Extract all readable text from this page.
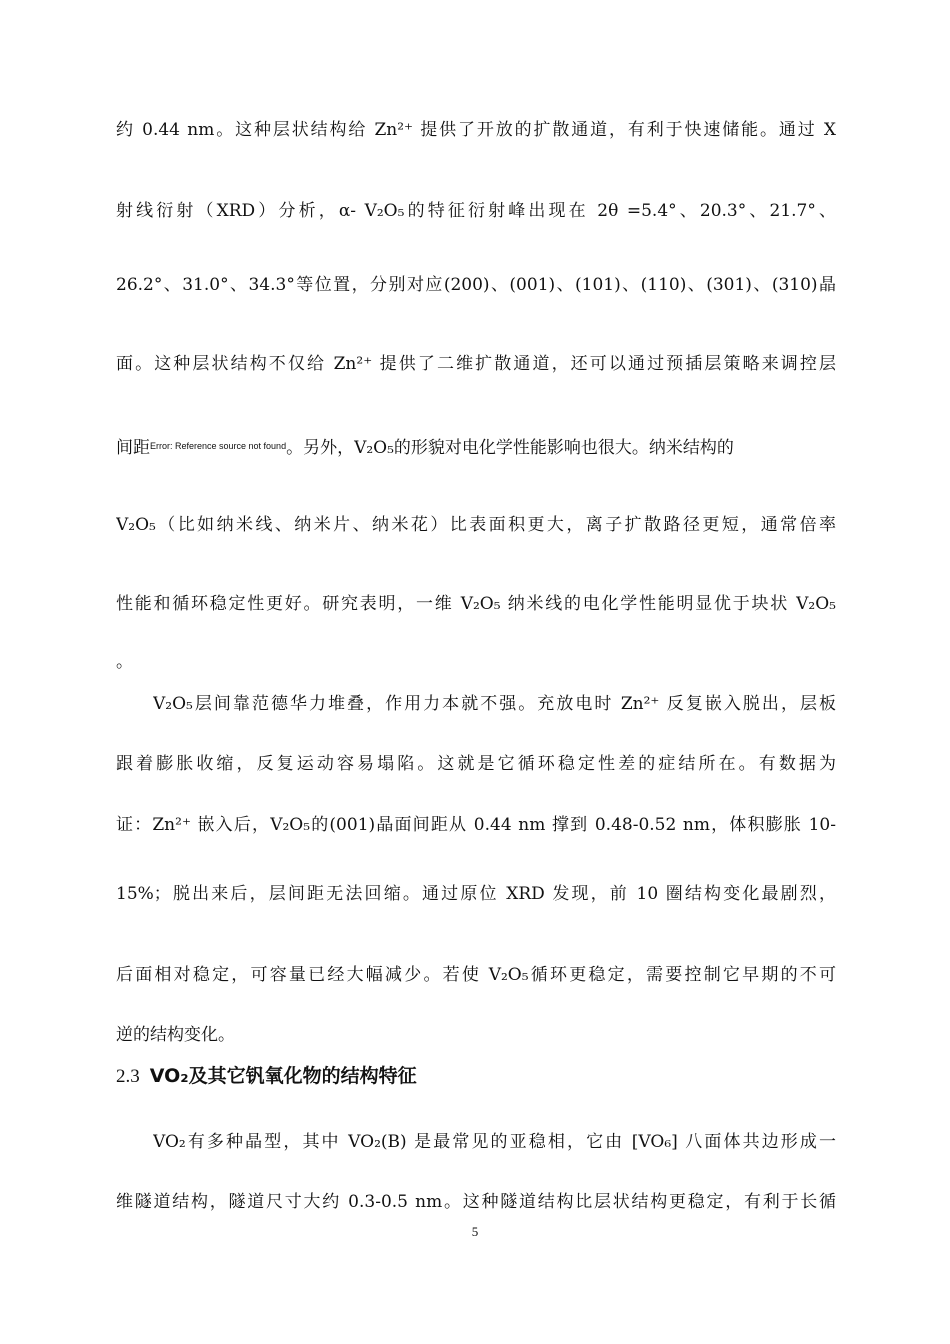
约 0.44 nm。这种层状结构给 Zn²⁺ 提供了开放的扩散通道，有利于快速储能。通过 X
射线衍射（XRD）分析，α- V₂O₅的特征衍射峰出现在 2θ =5.4°、20.3°、21.7°、
26.2°、31.0°、34.3°等位置，分别对应(200)、(001)、(101)、(110)、(301)、(310)晶
面。这种层状结构不仅给 Zn²⁺ 提供了二维扩散通道，还可以通过预插层策略来调控层
间距$^{Error: Reference source not found}$。另外，V₂O₅的形貌对电化学性能影响也很大。纳米结构的
V₂O₅（比如纳米线、纳米片、纳米花）比表面积更大，离子扩散路径更短，通常倍率
性能和循环稳定性更好。研究表明，一维 V₂O₅ 纳米线的电化学性能明显优于块状 V₂O₅
。
V₂O₅层间靠范德华力堆叠，作用力本就不强。充放电时 Zn²⁺ 反复嵌入脱出，层板
跟着膨胀收缩，反复运动容易塌陷。这就是它循环稳定性差的症结所在。有数据为
证：Zn²⁺ 嵌入后，V₂O₅的(001)晶面间距从 0.44 nm 撑到 0.48-0.52 nm，体积膨胀 10-
15%；脱出来后，层间距无法回缩。通过原位 XRD 发现，前 10 圈结构变化最剧烈，
后面相对稳定，可容量已经大幅减少。若使 V₂O₅循环更稳定，需要控制它早期的不可
逆的结构变化。
2.3 VO₂及其它钒氧化物的结构特征
VO₂有多种晶型，其中 VO₂(B) 是最常见的亚稳相，它由 [VO₆] 八面体共边形成一
维隧道结构，隧道尺寸大约 0.3-0.5 nm。这种隧道结构比层状结构更稳定，有利于长循
5
